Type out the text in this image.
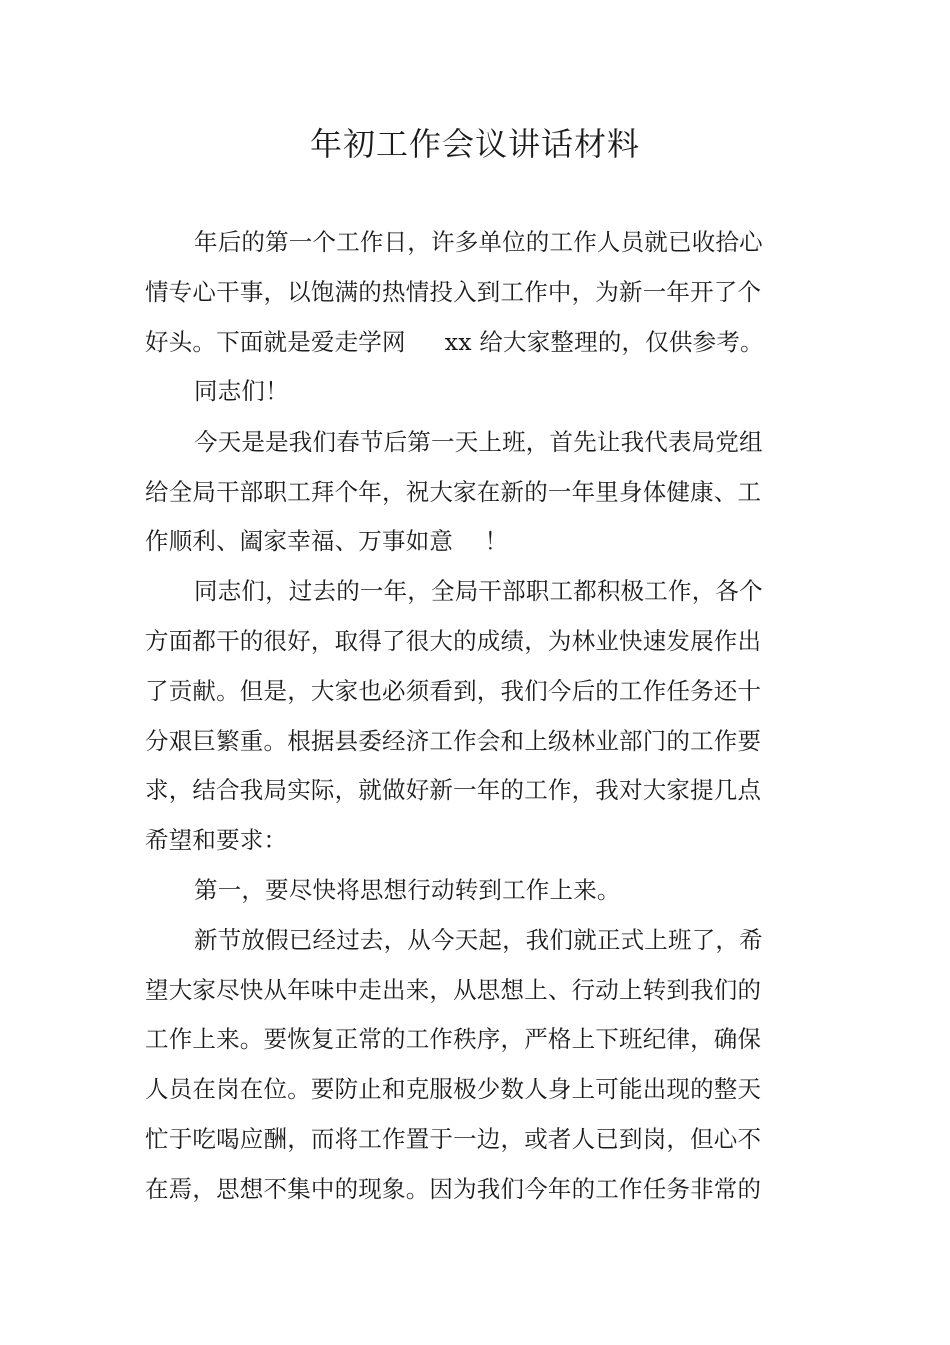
年初工作会议讲话材料
年后的第一个工作日，许多单位的工作人员就已收拾心
情专心干事，以饱满的热情投入到工作中，为新一年开了个
好头。下面就是爱走学网 　 xx 给大家整理的，仅供参考。
同志们！
今天是是我们春节后第一天上班，首先让我代表局党组
给全局干部职工拜个年，祝大家在新的一年里身体健康、工
作顺利、阖家幸福、万事如意　 ！
同志们，过去的一年，全局干部职工都积极工作，各个
方面都干的很好，取得了很大的成绩，为林业快速发展作出
了贡献。但是，大家也必须看到，我们今后的工作任务还十
分艰巨繁重。根据县委经济工作会和上级林业部门的工作要
求，结合我局实际，就做好新一年的工作，我对大家提几点
希望和要求：
第一，要尽快将思想行动转到工作上来。
新节放假已经过去，从今天起，我们就正式上班了，希
望大家尽快从年味中走出来，从思想上、行动上转到我们的
工作上来。要恢复正常的工作秩序，严格上下班纪律，确保
人员在岗在位。要防止和克服极少数人身上可能出现的整天
忙于吃喝应酬，而将工作置于一边，或者人已到岗，但心不
在焉，思想不集中的现象。因为我们今年的工作任务非常的
